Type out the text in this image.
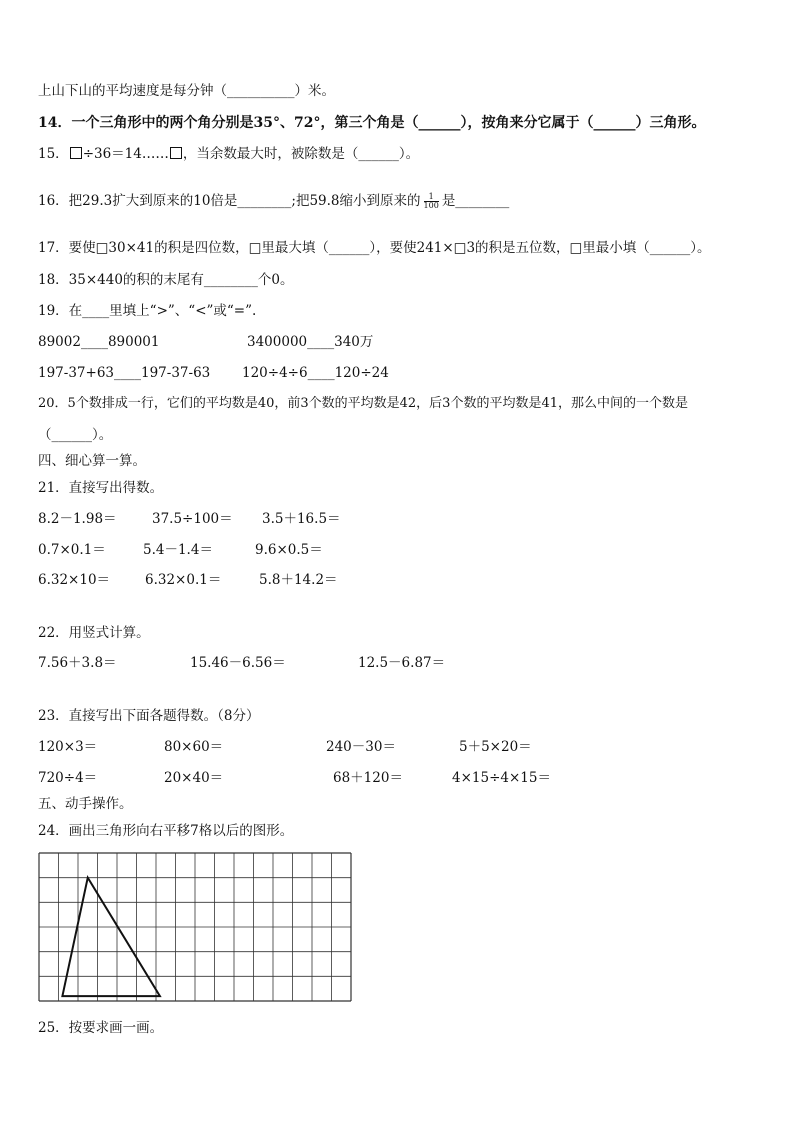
上山下山的平均速度是每分钟（__________）米。
14．一个三角形中的两个角分别是35°、72°，第三个角是（______），按角来分它属于（______）三角形。
15． ÷36＝14…… ，当余数最大时，被除数是（______）。
16．把29.3扩大到原来的10倍是________;把59.8缩小到原来的 $\frac{1}{100}$ 是________
17．要使□30×41的积是四位数，□里最大填（______），要使241×□3的积是五位数，□里最小填（______）。
18．35×440的积的末尾有________个0。
19．在____里填上“>”、“<”或“=”.
89002____890001	3400000____340万
197-37+63____197-37-63 120÷4÷6____120÷24
20．5个数排成一行，它们的平均数是40，前3个数的平均数是42，后3个数的平均数是41，那么中间的一个数是
（______）。
四、细心算一算。
21．直接写出得数。
8.2－1.98＝	37.5÷100＝ 3.5＋16.5＝
0.7×0.1＝	5.4－1.4＝	9.6×0.5＝
6.32×10＝	6.32×0.1＝	5.8＋14.2＝
22．用竖式计算。
7.56＋3.8＝	15.46－6.56＝	12.5－6.87＝
23．直接写出下面各题得数。（8分）
120×3＝	80×60＝	240－30＝	5＋5×20＝
720÷4＝	20×40＝	68＋120＝	4×15÷4×15＝
五、动手操作。
24．画出三角形向右平移7格以后的图形。
25．按要求画一画。
